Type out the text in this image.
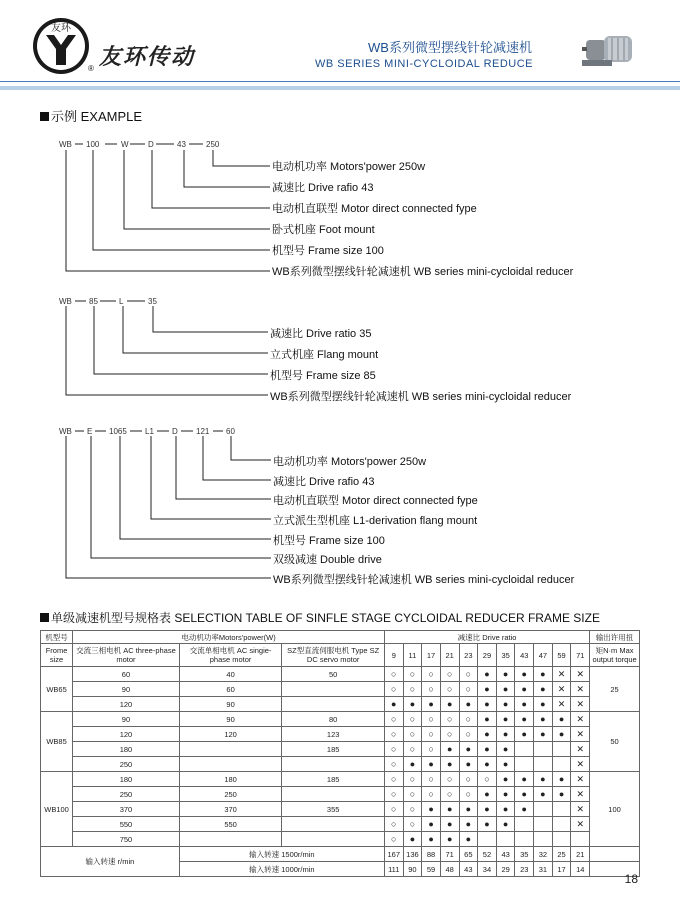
友环
® 友环传动	WB系列微型摆线针轮减速机
WB SERIES MINI-CYCLOIDAL REDUCE
示例 EXAMPLE
WB 100	W D	43	250
电动机功率 Motors'power 250w
减速比 Drive rafio 43
电动机直联型 Motor direct connected fype
卧式机座 Foot mount
机型号 Frame size 100
WB系列微型摆线针轮减速机 WB series mini-cycloidal reducer
WB 85	L	35
减速比 Drive ratio 35
立式机座 Flang mount
机型号 Frame size 85
WB系列微型摆线针轮减速机 WB series mini-cycloidal reducer
WB E 1065 L1 D 121 60
电动机功率 Motors'power 250w
减速比 Drive rafio 43
电动机直联型 Motor direct connected fype
立式派生型机座 L1-derivation flang mount
机型号 Frame size 100
双级减速 Double drive
WB系列微型摆线针轮减速机 WB series mini-cycloidal reducer
单级减速机型号规格表 SELECTION TABLE OF SINFLE STAGE CYCLOIDAL REDUCER FRAME SIZE
机型号	电动机功率Motors'power(W)			减速比 Drive ratio											输出许用扭
Frome size	交流三相电机 AC three-phase motor	交流单相电机 AC singie-phase motor	SZ型直流伺服电机 Type SZ DC servo motor	9	11	17	21	23	29	35	43	47	59	71	矩N·m Max output torque
WB65	60	40	50	○	○	○	○	○	●	●	●	●	✕	✕	25
	90	60		○	○	○	○	○	●	●	●	●	✕	✕	
	120	90		●	●	●	●	●	●	●	●	●	✕	✕	
WB85	90	90	80	○	○	○	○	○	●	●	●	●	●	✕	50
	120	120	123	○	○	○	○	○	●	●	●	●	●	✕	
	180		185	○	○	○	●	●	●	●				✕	
	250			○	●	●	●	●	●	●				✕	
WB100	180	180	185	○	○	○	○	○	○	●	●	●	●	✕	100
	250	250		○	○	○	○	○	●	●	●	●	●	✕	
	370	370	355	○	○	●	●	●	●	●	●			✕	
	550	550		○	○	●	●	●	●	●				✕	
	750			○	●	●	●	●							
输入转速 r/min		输入转速 1500r/min		167	136	88	71	65	52	43	35	32	25	21	
		输入转速 1000r/min		111	90	59	48	43	34	29	23	31	17	14	
18
